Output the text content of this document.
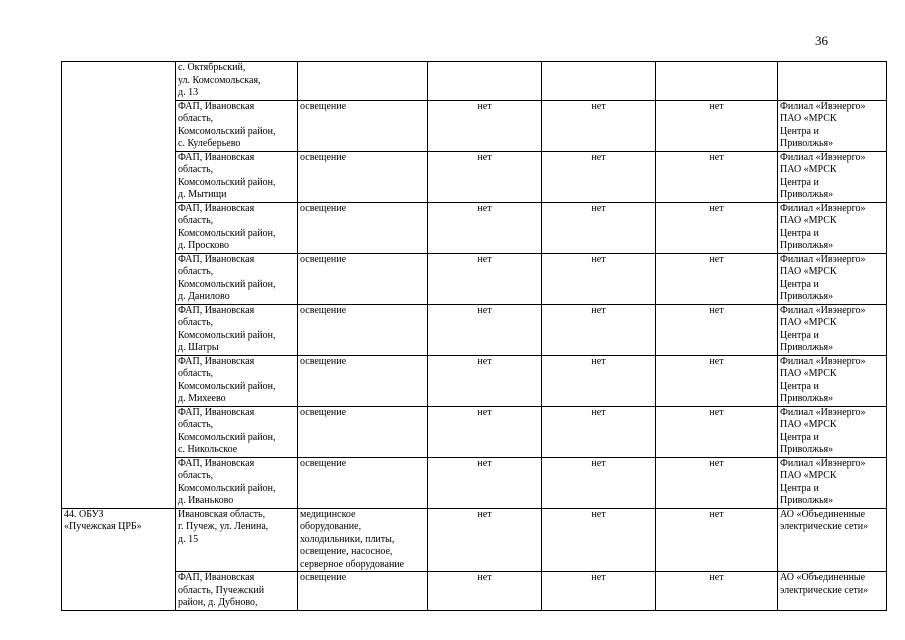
36
	с. Октябрьский,
ул. Комсомольская,
д. 13					
	ФАП, Ивановская
область,
Комсомольский район,
с. Кулеберьево	освещение	нет	нет	нет	Филиал «Ивэнерго»
ПАО «МРСК
Центра и
Приволжья»
	ФАП, Ивановская
область,
Комсомольский район,
д. Мытищи	освещение	нет	нет	нет	Филиал «Ивэнерго»
ПАО «МРСК
Центра и
Приволжья»
	ФАП, Ивановская
область,
Комсомольский район,
д. Просково	освещение	нет	нет	нет	Филиал «Ивэнерго»
ПАО «МРСК
Центра и
Приволжья»
	ФАП, Ивановская
область,
Комсомольский район,
д. Данилово	освещение	нет	нет	нет	Филиал «Ивэнерго»
ПАО «МРСК
Центра и
Приволжья»
	ФАП, Ивановская
область,
Комсомольский район,
д. Шатры	освещение	нет	нет	нет	Филиал «Ивэнерго»
ПАО «МРСК
Центра и
Приволжья»
	ФАП, Ивановская
область,
Комсомольский район,
д. Михеево	освещение	нет	нет	нет	Филиал «Ивэнерго»
ПАО «МРСК
Центра и
Приволжья»
	ФАП, Ивановская
область,
Комсомольский район,
с. Никольское	освещение	нет	нет	нет	Филиал «Ивэнерго»
ПАО «МРСК
Центра и
Приволжья»
	ФАП, Ивановская
область,
Комсомольский район,
д. Иваньково	освещение	нет	нет	нет	Филиал «Ивэнерго»
ПАО «МРСК
Центра и
Приволжья»
44. ОБУЗ
«Пучежская ЦРБ»	Ивановская область,
г. Пучеж, ул. Ленина,
д. 15	медицинское
оборудование,
холодильники, плиты,
освещение, насосное,
серверное оборудование	нет	нет	нет	АО «Объединенные
электрические сети»
	ФАП, Ивановская
область, Пучежский
район, д. Дубново,	освещение	нет	нет	нет	АО «Объединенные
электрические сети»
